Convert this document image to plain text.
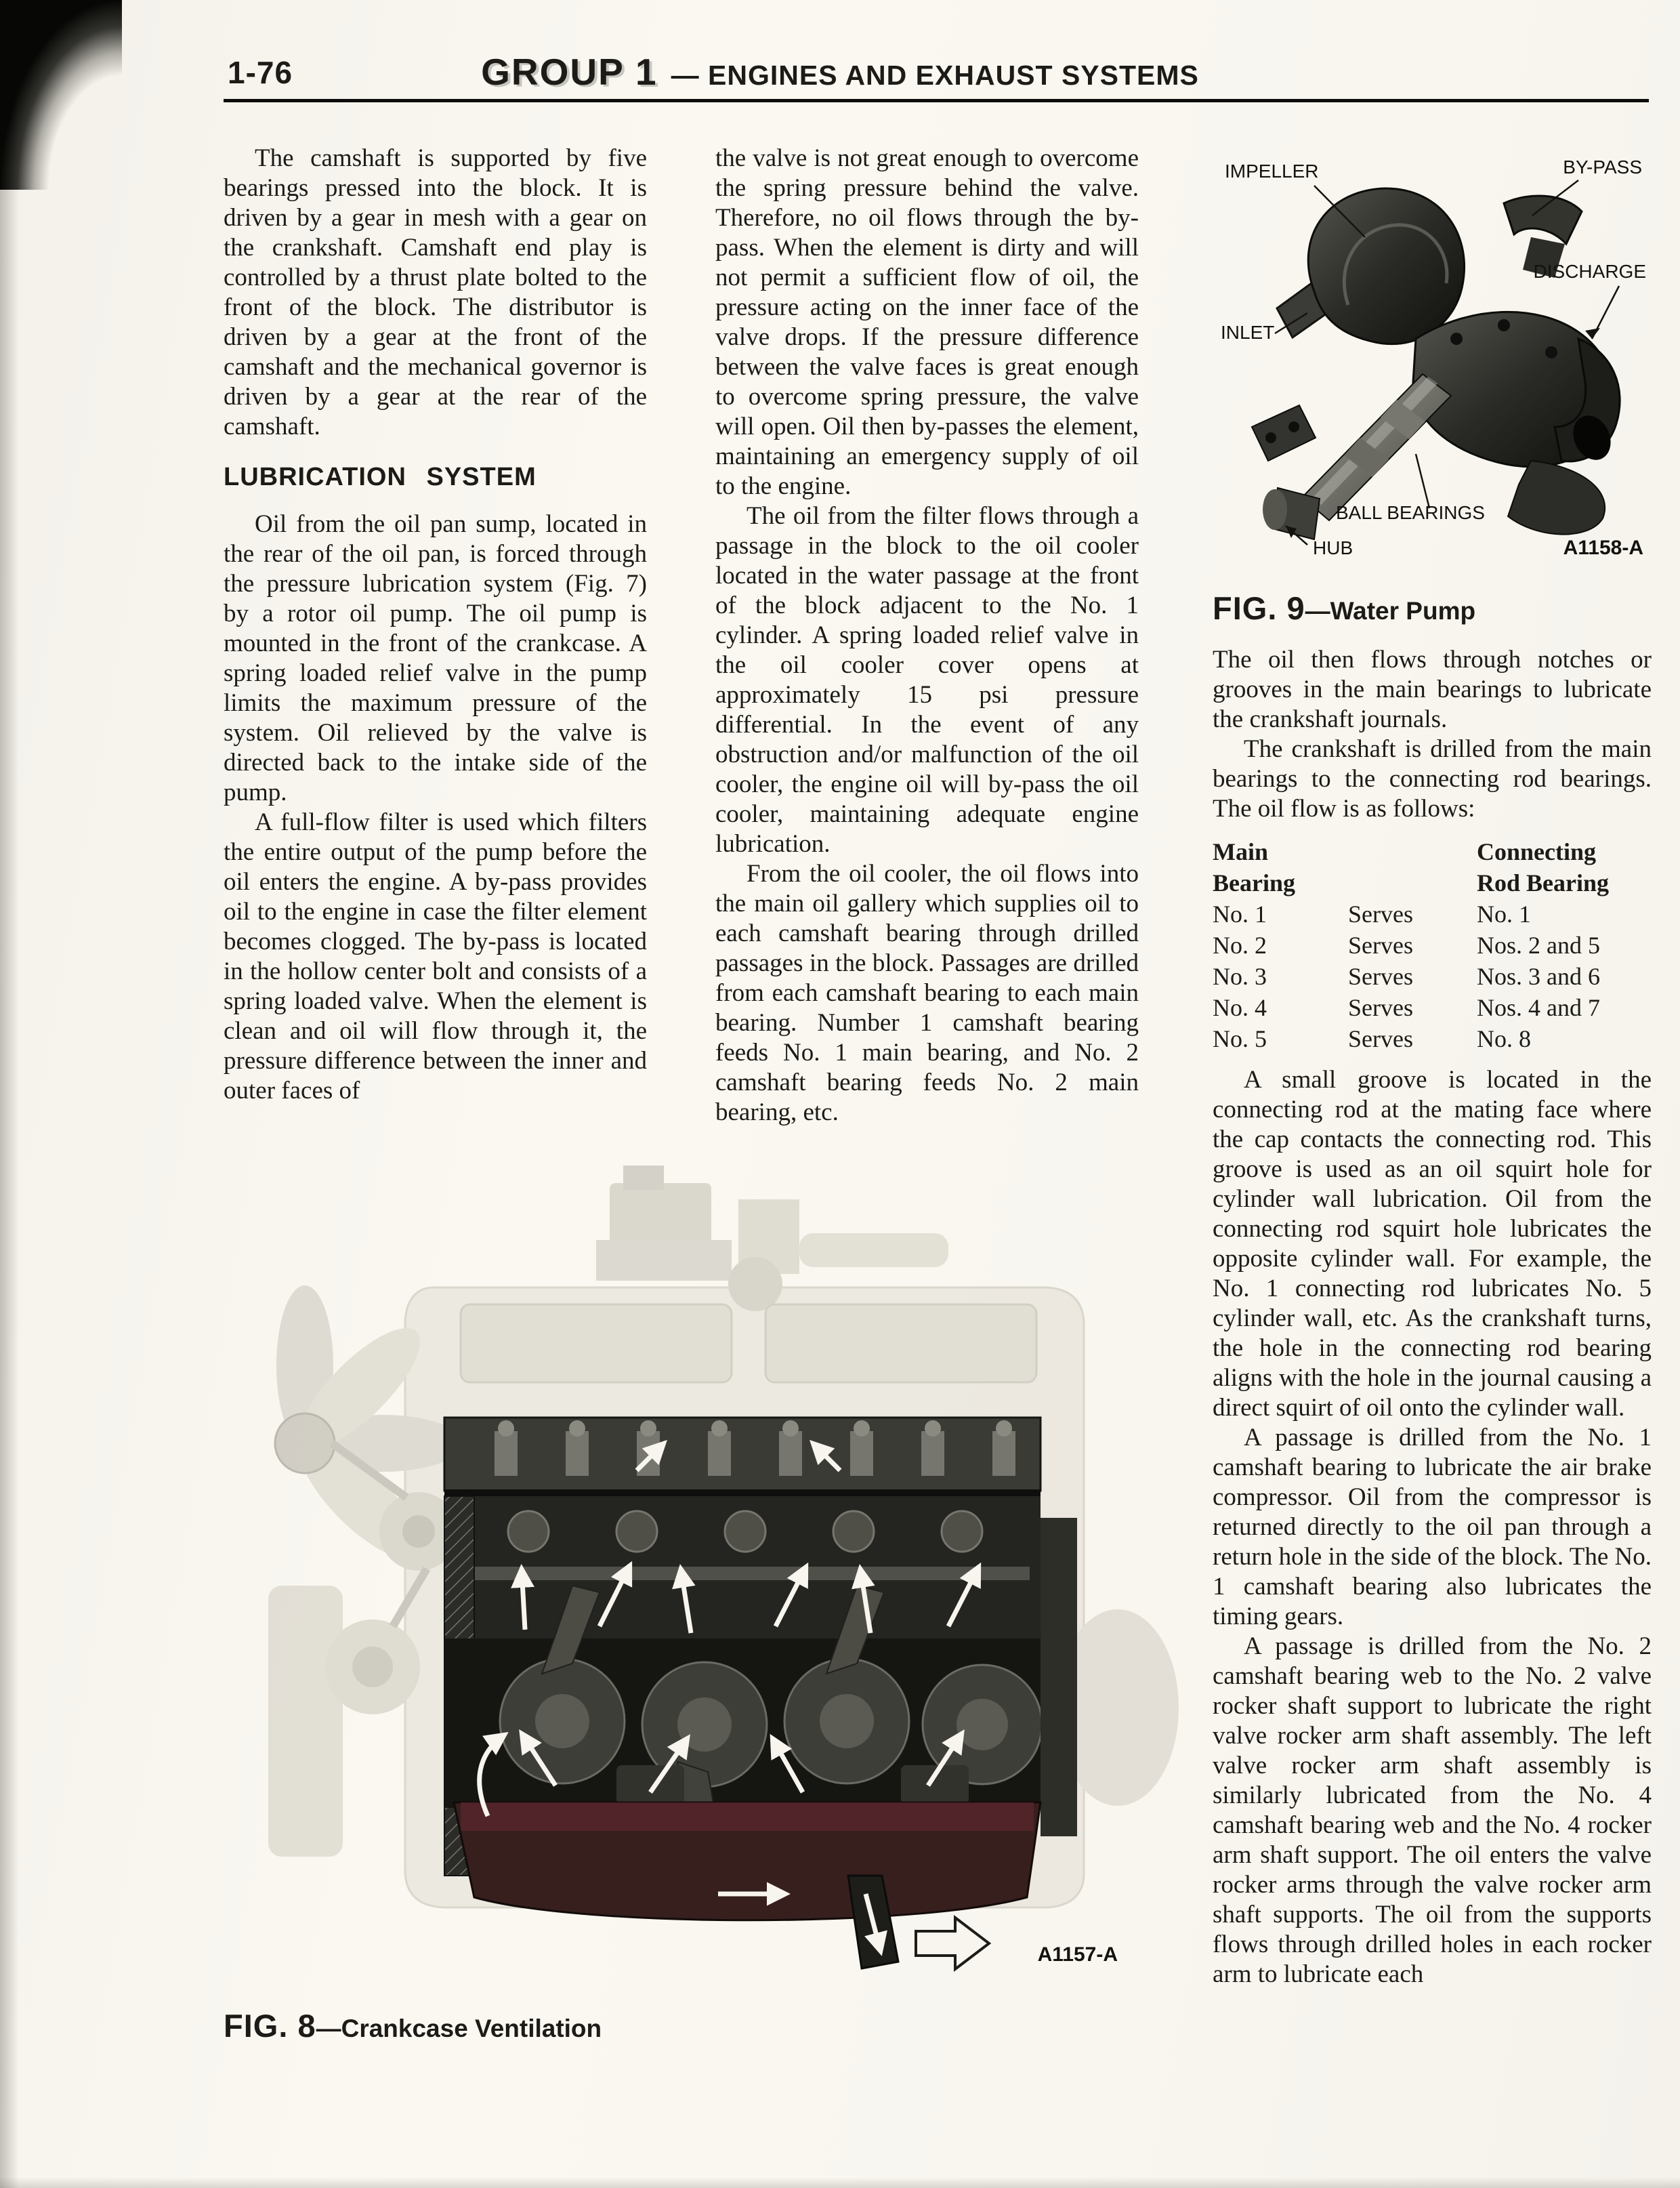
1-76	GROUP 1 — ENGINES AND EXHAUST SYSTEMS

The camshaft is supported by five bearings pressed into the block. It is driven by a gear in mesh with a gear on the crankshaft. Camshaft end play is controlled by a thrust plate bolted to the front of the block. The distributor is driven by a gear at the front of the camshaft and the mechanical governor is driven by a gear at the rear of the camshaft.

LUBRICATION SYSTEM

Oil from the oil pan sump, located in the rear of the oil pan, is forced through the pressure lubrication system (Fig. 7) by a rotor oil pump. The oil pump is mounted in the front of the crankcase. A spring loaded relief valve in the pump limits the maximum pressure of the system. Oil relieved by the valve is directed back to the intake side of the pump.

A full-flow filter is used which filters the entire output of the pump before the oil enters the engine. A by-pass provides oil to the engine in case the filter element becomes clogged. The by-pass is located in the hollow center bolt and consists of a spring loaded valve. When the element is clean and oil will flow through it, the pressure difference between the inner and outer faces of

the valve is not great enough to overcome the spring pressure behind the valve. Therefore, no oil flows through the by-pass. When the element is dirty and will not permit a sufficient flow of oil, the pressure acting on the inner face of the valve drops. If the pressure difference between the valve faces is great enough to overcome spring pressure, the valve will open. Oil then by-passes the element, maintaining an emergency supply of oil to the engine.

The oil from the filter flows through a passage in the block to the oil cooler located in the water passage at the front of the block adjacent to the No. 1 cylinder. A spring loaded relief valve in the oil cooler cover opens at approximately 15 psi pressure differential. In the event of any obstruction and/or malfunction of the oil cooler, the engine oil will by-pass the oil cooler, maintaining adequate engine lubrication.

From the oil cooler, the oil flows into the main oil gallery which supplies oil to each camshaft bearing through drilled passages in the block. Passages are drilled from each camshaft bearing to each main bearing. Number 1 camshaft bearing feeds No. 1 main bearing, and No. 2 camshaft bearing feeds No. 2 main bearing, etc.

IMPELLER	BY-PASS
DISCHARGE
INLET
BALL BEARINGS
HUB	A1158-A
FIG. 9 —Water Pump

The oil then flows through notches or grooves in the main bearings to lubricate the crankshaft journals.

The crankshaft is drilled from the main bearings to the connecting rod bearings. The oil flow is as follows:

Main
Bearing
Connecting
Rod Bearing
No. 1	Serves	No. 1
No. 2	Serves	Nos. 2 and 5
No. 3	Serves	Nos. 3 and 6
No. 4	Serves	Nos. 4 and 7
No. 5	Serves	No. 8

A small groove is located in the connecting rod at the mating face where the cap contacts the connecting rod. This groove is used as an oil squirt hole for cylinder wall lubrication. Oil from the connecting rod squirt hole lubricates the opposite cylinder wall. For example, the No. 1 connecting rod lubricates No. 5 cylinder wall, etc. As the crankshaft turns, the hole in the connecting rod bearing aligns with the hole in the journal causing a direct squirt of oil onto the cylinder wall.

A passage is drilled from the No. 1 camshaft bearing to lubricate the air brake compressor. Oil from the compressor is returned directly to the oil pan through a return hole in the side of the block. The No. 1 camshaft bearing also lubricates the timing gears.

A passage is drilled from the No. 2 camshaft bearing web to the No. 2 valve rocker shaft support to lubricate the right valve rocker arm shaft assembly. The left valve rocker arm shaft assembly is similarly lubricated from the No. 4 camshaft bearing web and the No. 4 rocker arm shaft support. The oil enters the valve rocker arms through the valve rocker arm shaft supports. The oil from the supports flows through drilled holes in each rocker arm to lubricate each

A1157-A
FIG. 8 —Crankcase Ventilation
